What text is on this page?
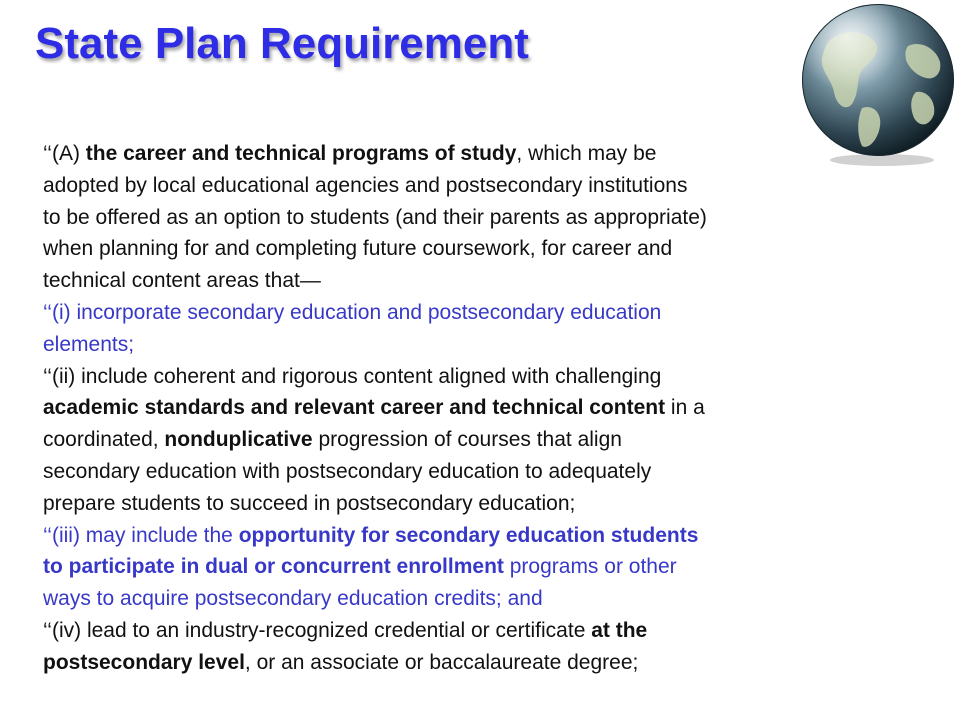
State Plan Requirement
‘‘(A) the career and technical programs of study, which may be
adopted by local educational agencies and postsecondary institutions
to be offered as an option to students (and their parents as appropriate)
when planning for and completing future coursework, for career and
technical content areas that—
‘‘(i) incorporate secondary education and postsecondary education
elements;
‘‘(ii) include coherent and rigorous content aligned with challenging
academic standards and relevant career and technical content in a
coordinated, nonduplicative progression of courses that align
secondary education with postsecondary education to adequately
prepare students to succeed in postsecondary education;
‘‘(iii) may include the opportunity for secondary education students
to participate in dual or concurrent enrollment programs or other
ways to acquire postsecondary education credits; and
‘‘(iv) lead to an industry-recognized credential or certificate at the
postsecondary level, or an associate or baccalaureate degree;
